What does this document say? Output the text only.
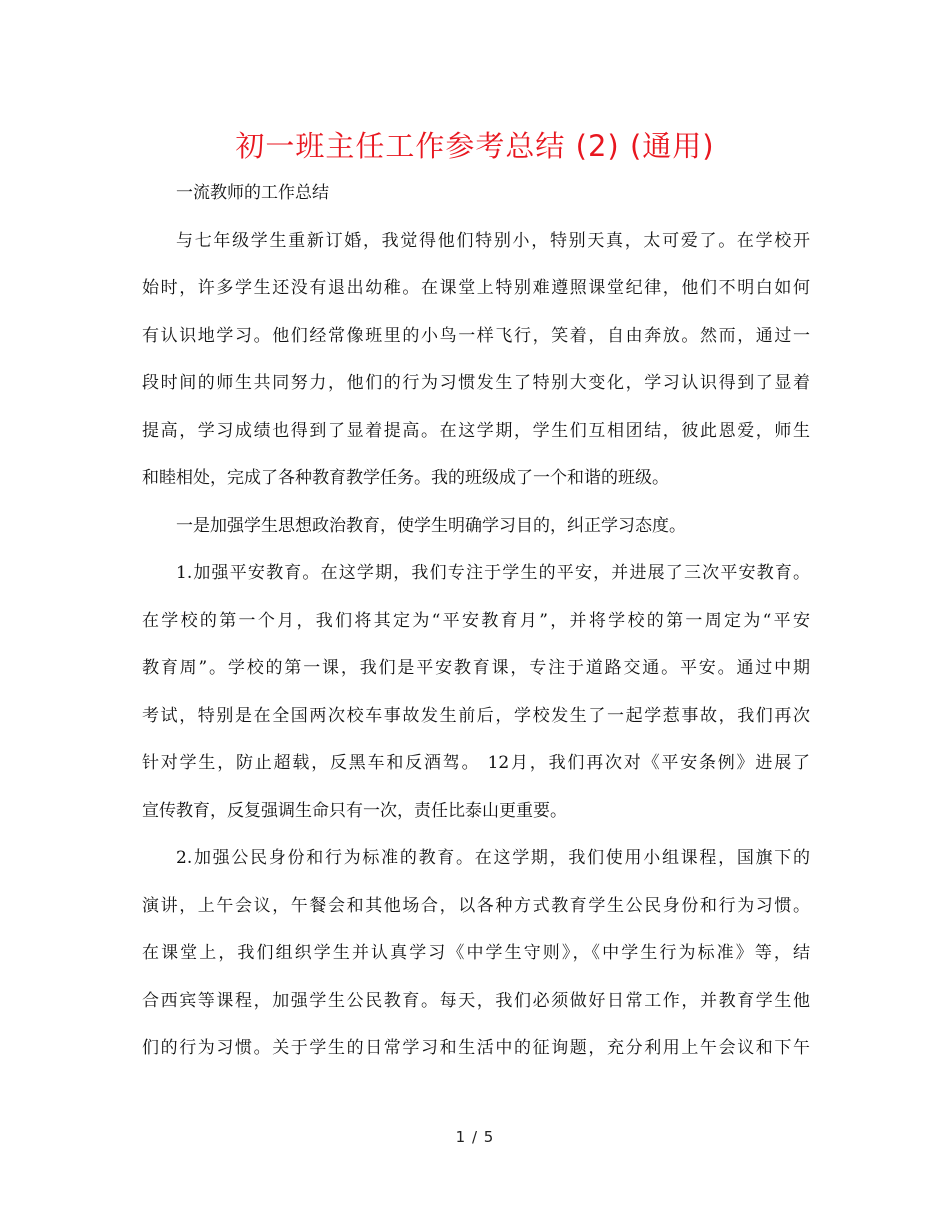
初一班主任工作参考总结 (2) (通用)
一流教师的工作总结
与七年级学生重新订婚，我觉得他们特别小，特别天真，太可爱了。在学校开
始时，许多学生还没有退出幼稚。在课堂上特别难遵照课堂纪律，他们不明白如何
有认识地学习。他们经常像班里的小鸟一样飞行，笑着，自由奔放。然而，通过一
段时间的师生共同努力，他们的行为习惯发生了特别大变化，学习认识得到了显着
提高，学习成绩也得到了显着提高。在这学期，学生们互相团结，彼此恩爱，师生
和睦相处，完成了各种教育教学任务。我的班级成了一个和谐的班级。
一是加强学生思想政治教育，使学生明确学习目的，纠正学习态度。
1.加强平安教育。在这学期，我们专注于学生的平安，并进展了三次平安教育。
在学校的第一个月，我们将其定为“平安教育月”，并将学校的第一周定为“平安
教育周”。学校的第一课，我们是平安教育课，专注于道路交通。平安。通过中期
考试，特别是在全国两次校车事故发生前后，学校发生了一起学惹事故，我们再次
针对学生，防止超载，反黑车和反酒驾。 12月，我们再次对《平安条例》进展了
宣传教育，反复强调生命只有一次，责任比泰山更重要。
2.加强公民身份和行为标准的教育。在这学期，我们使用小组课程，国旗下的
演讲，上午会议，午餐会和其他场合，以各种方式教育学生公民身份和行为习惯。
在课堂上，我们组织学生并认真学习《中学生守则》，《中学生行为标准》等，结
合西宾等课程，加强学生公民教育。每天，我们必须做好日常工作，并教育学生他
们的行为习惯。关于学生的日常学习和生活中的征询题，充分利用上午会议和下午
1 / 5
